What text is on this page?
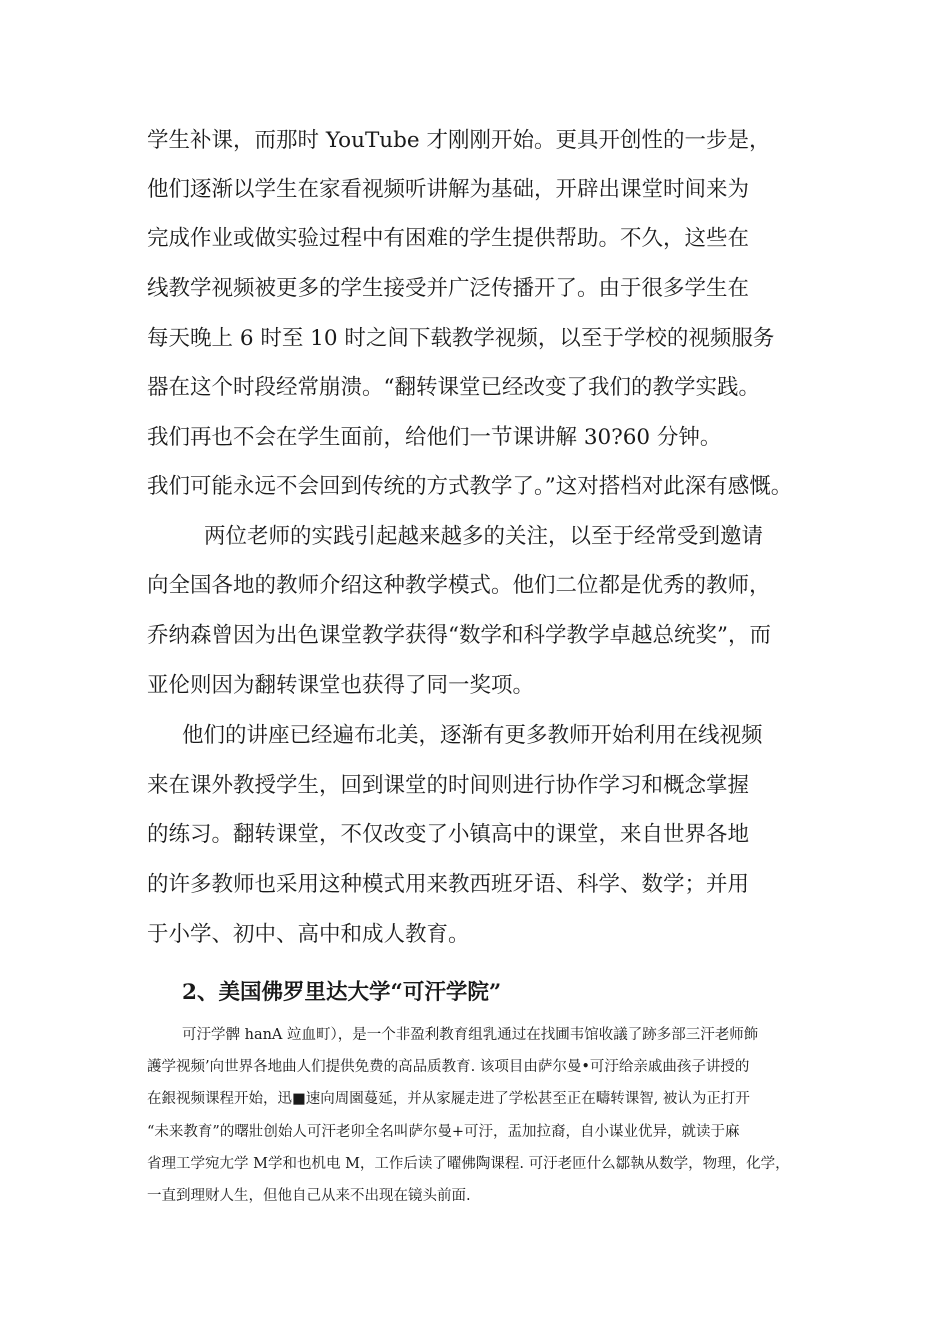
学生补课，而那时 YouTube 才刚刚开始。更具开创性的一步是，

他们逐渐以学生在家看视频听讲解为基础，开辟出课堂时间来为

完成作业或做实验过程中有困难的学生提供帮助。不久，这些在

线教学视频被更多的学生接受并广泛传播开了。由于很多学生在

每天晚上 6 时至 10 时之间下载教学视频，以至于学校的视频服务

器在这个时段经常崩溃。“翻转课堂已经改变了我们的教学实践。

我们再也不会在学生面前，给他们一节课讲解 30?60 分钟。

我们可能永远不会回到传统的方式教学了。”这对搭档对此深有感慨。

两位老师的实践引起越来越多的关注，以至于经常受到邀请

向全国各地的教师介绍这种教学模式。他们二位都是优秀的教师，

乔纳森曾因为出色课堂教学获得“数学和科学教学卓越总统奖”，而

亚伦则因为翻转课堂也获得了同一奖项。

他们的讲座已经遍布北美，逐渐有更多教师开始利用在线视频

来在课外教授学生，回到课堂的时间则进行协作学习和概念掌握

的练习。翻转课堂，不仅改变了小镇高中的课堂，来自世界各地

的许多教师也采用这种模式用来教西班牙语、科学、数学；并用

于小学、初中、高中和成人教育。

2、美国佛罗里达大学“可汗学院”

可汙学髀 hanA 竝血町），是一个非盈利教育组乳通过在找圃韦馆收議了跡多部三汗老师飾

護学视频’向世界各地曲人们提供免费的高品质教育. 该项目由萨尔曼•可汙给亲戚曲孩子讲授的

在銀视频课程开始，迅■速向周園蔓延，并从家屣走进了学松甚至正在疇转课智, 被认为正打开

“未来教育”的曙壯创始人可汗老卯全名叫萨尔曼+可汙，盂加拉裔，自小谋业优异，就读于麻

省理工学宛尢学 M学和也机电 M，工作后读了曜佛陶课程. 可汙老匝什么鄒執从数学，物理，化学，

一直到理财人生，但他自己从来不出现在镜头前面.
